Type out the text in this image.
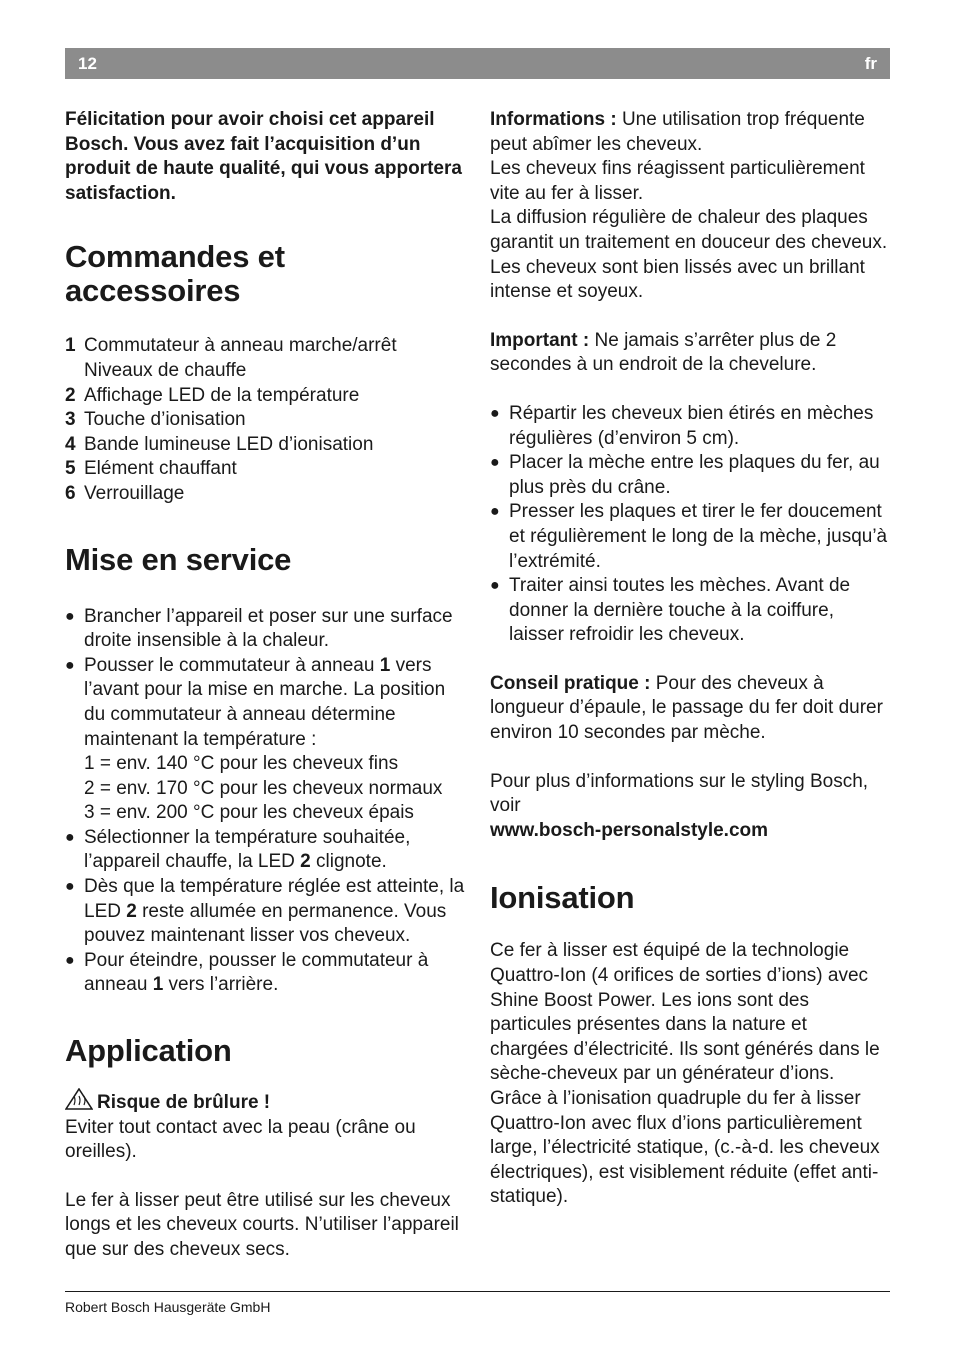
12	fr

Félicitation pour avoir choisi cet appareil Bosch. Vous avez fait l’acquisition d’un produit de haute qualité, qui vous apportera satisfaction.

Commandes et
accessoires
1 Commutateur à anneau marche/arrêt
Niveaux de chauffe
2 Affichage LED de la température
3 Touche d’ionisation
4 Bande lumineuse LED d’ionisation
5 Elément chauffant
6 Verrouillage
Mise en service
● Brancher l’appareil et poser sur une surface droite insensible à la chaleur.
● Pousser le commutateur à anneau 1 vers l’avant pour la mise en marche. La position du commutateur à anneau détermine maintenant la température :
1 = env. 140 °C pour les cheveux fins
2 = env. 170 °C pour les cheveux normaux
3 = env. 200 °C pour les cheveux épais
● Sélectionner la température souhaitée, l’appareil chauffe, la LED 2 clignote.
● Dès que la température réglée est atteinte, la LED 2 reste allumée en permanence. Vous pouvez maintenant lisser vos cheveux.
● Pour éteindre, pousser le commutateur à anneau 1 vers l’arrière.
Application

Risque de brûlure !

Eviter tout contact avec la peau (crâne ou oreilles).

Le fer à lisser peut être utilisé sur les cheveux longs et les cheveux courts. N’utiliser l’appareil que sur des cheveux secs.

Informations : Une utilisation trop fréquente peut abîmer les cheveux.

Les cheveux fins réagissent particulièrement vite au fer à lisser.

La diffusion régulière de chaleur des plaques garantit un traitement en douceur des cheveux.

Les cheveux sont bien lissés avec un brillant intense et soyeux.

Important : Ne jamais s’arrêter plus de 2 secondes à un endroit de la chevelure.

● Répartir les cheveux bien étirés en mèches régulières (d’environ 5 cm).
● Placer la mèche entre les plaques du fer, au plus près du crâne.
● Presser les plaques et tirer le fer doucement et régulièrement le long de la mèche, jusqu’à l’extrémité.
● Traiter ainsi toutes les mèches. Avant de donner la dernière touche à la coiffure, laisser refroidir les cheveux.

Conseil pratique : Pour des cheveux à longueur d’épaule, le passage du fer doit durer environ 10 secondes par mèche.

Pour plus d’informations sur le styling Bosch, voir

www.bosch-personalstyle.com

Ionisation

Ce fer à lisser est équipé de la technologie Quattro-Ion (4 orifices de sorties d’ions) avec Shine Boost Power. Les ions sont des particules présentes dans la nature et chargées d’électricité. Ils sont générés dans le sèche-cheveux par un générateur d’ions. Grâce à l’ionisation quadruple du fer à lisser Quattro-Ion avec flux d’ions particulièrement large, l’électricité statique, (c.-à-d. les cheveux électriques), est visiblement réduite (effet anti-statique).

Robert Bosch Hausgeräte GmbH
